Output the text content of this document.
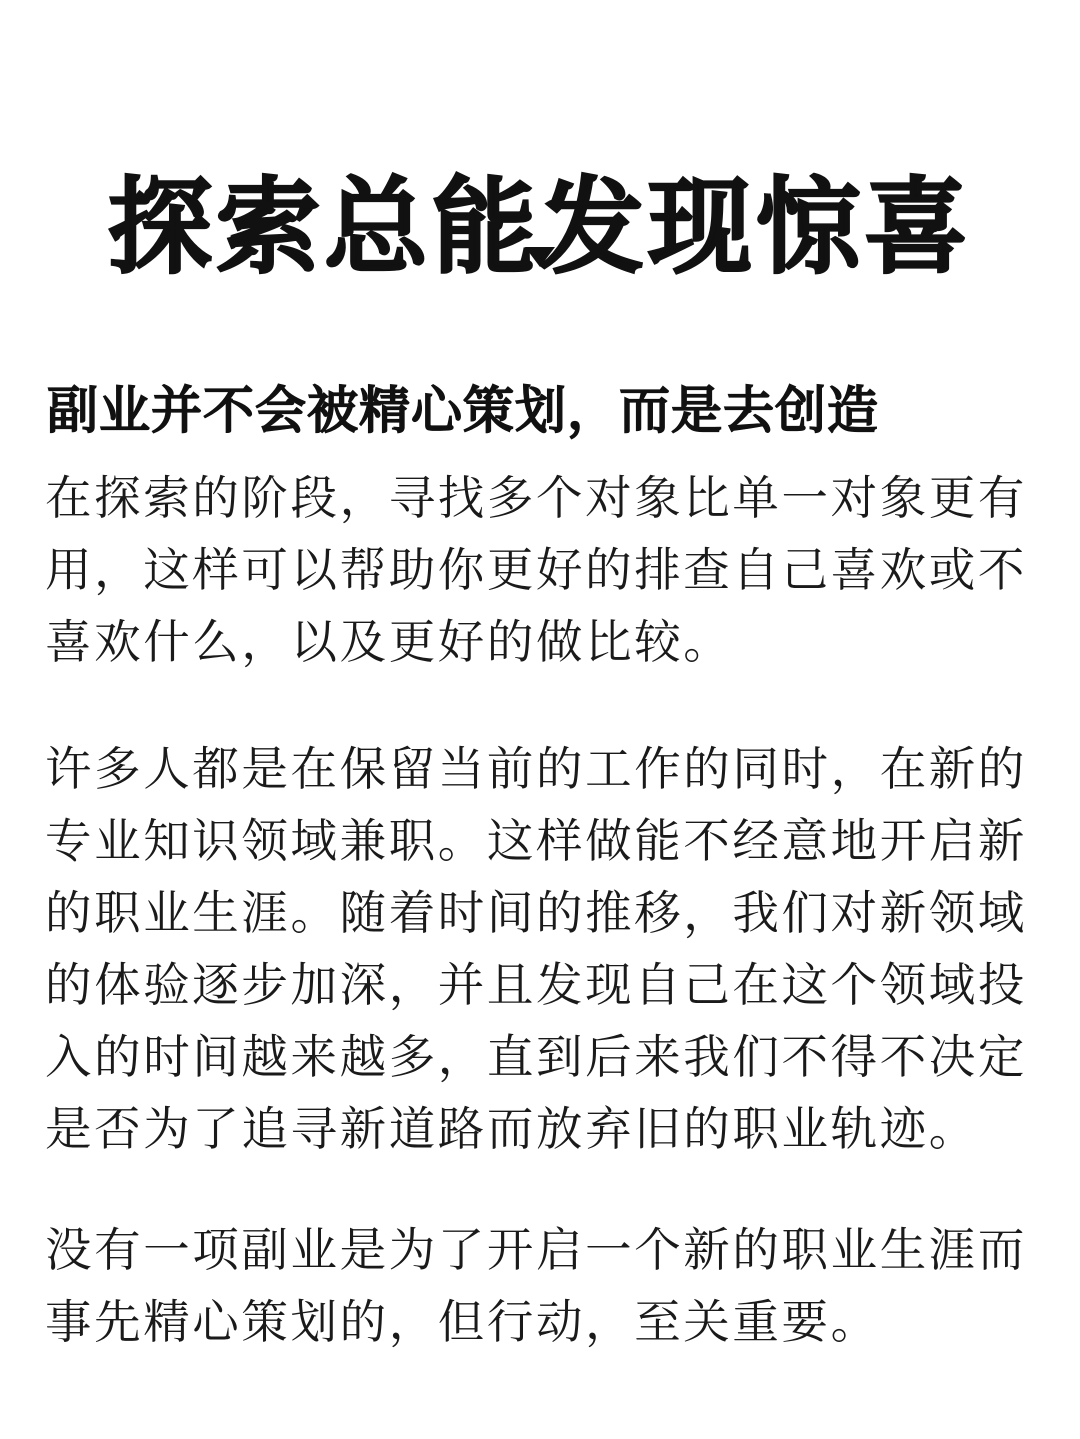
探索总能发现惊喜
副业并不会被精心策划，而是去创造

在探索的阶段，寻找多个对象比单一对象更有用，这样可以帮助你更好的排查自己喜欢或不喜欢什么，以及更好的做比较。

许多人都是在保留当前的工作的同时，在新的专业知识领域兼职。这样做能不经意地开启新的职业生涯。随着时间的推移，我们对新领域的体验逐步加深，并且发现自己在这个领域投入的时间越来越多，直到后来我们不得不决定是否为了追寻新道路而放弃旧的职业轨迹。

没有一项副业是为了开启一个新的职业生涯而事先精心策划的，但行动，至关重要。
